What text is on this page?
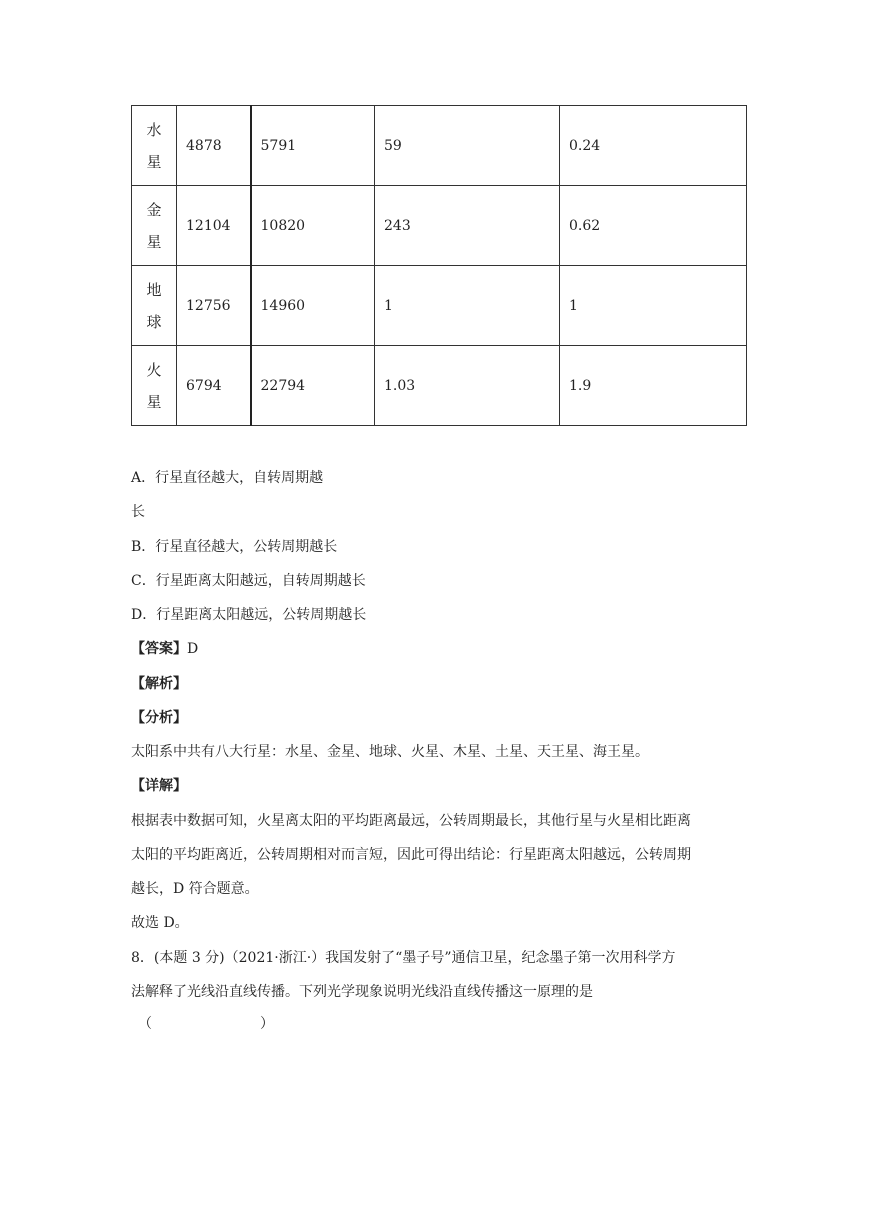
水
星	4878	5791	59	0.24

金
星	12104	10820	243	0.62

地
球	12756	14960	1	1

火
星	6794	22794	1.03	1.9

A．行星直径越大，自转周期越

长

B．行星直径越大，公转周期越长

C．行星距离太阳越远，自转周期越长

D．行星距离太阳越远，公转周期越长

【答案】D

【解析】

【分析】

太阳系中共有八大行星：水星、金星、地球、火星、木星、土星、天王星、海王星。

【详解】

根据表中数据可知，火星离太阳的平均距离最远，公转周期最长，其他行星与火星相比距离

太阳的平均距离近，公转周期相对而言短，因此可得出结论：行星距离太阳越远，公转周期

越长，D 符合题意。

故选 D。

8．(本题 3 分)（2021·浙江·）我国发射了“墨子号”通信卫星，纪念墨子第一次用科学方

法解释了光线沿直线传播。下列光学现象说明光线沿直线传播这一原理的是

（	）
